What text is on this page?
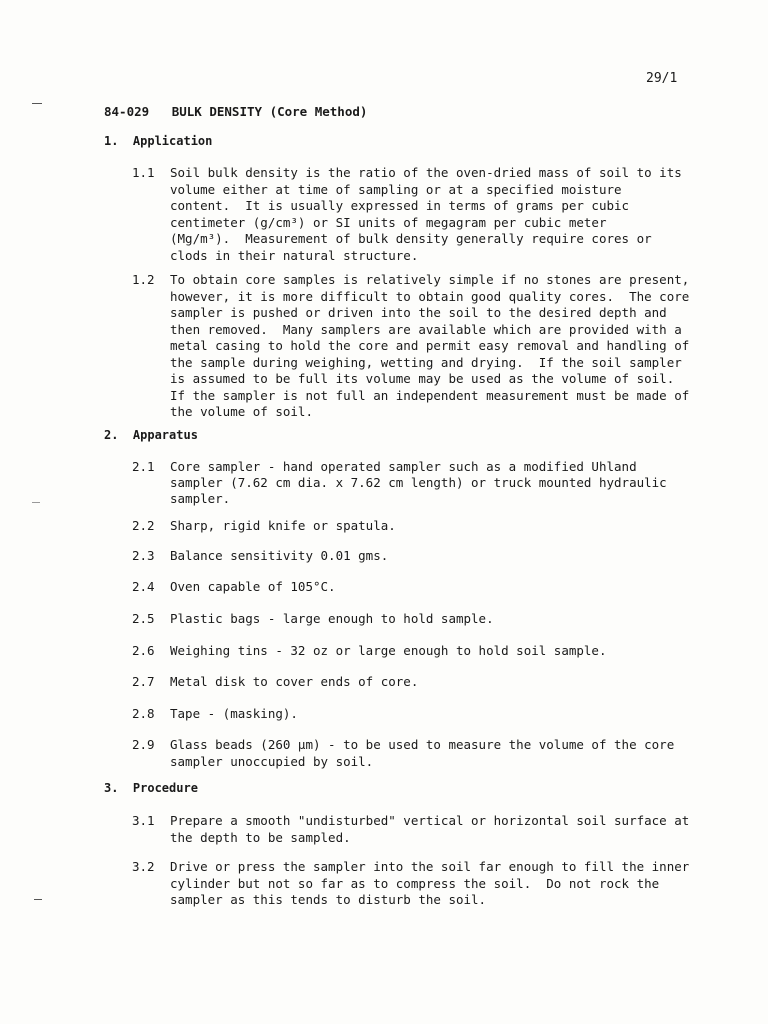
29/1
84-029   BULK DENSITY (Core Method)
1.  Application
1.1 Soil bulk density is the ratio of the oven-dried mass of soil to its
volume either at time of sampling or at a specified moisture
content.  It is usually expressed in terms of grams per cubic
centimeter (g/cm³) or SI units of megagram per cubic meter
(Mg/m³).  Measurement of bulk density generally require cores or
clods in their natural structure.
1.2 To obtain core samples is relatively simple if no stones are present,
however, it is more difficult to obtain good quality cores.  The core
sampler is pushed or driven into the soil to the desired depth and
then removed.  Many samplers are available which are provided with a
metal casing to hold the core and permit easy removal and handling of
the sample during weighing, wetting and drying.  If the soil sampler
is assumed to be full its volume may be used as the volume of soil.
If the sampler is not full an independent measurement must be made of
the volume of soil.
2.  Apparatus
2.1 Core sampler - hand operated sampler such as a modified Uhland
sampler (7.62 cm dia. x 7.62 cm length) or truck mounted hydraulic
sampler.
2.2 Sharp, rigid knife or spatula.
2.3 Balance sensitivity 0.01 gms.
2.4 Oven capable of 105°C.
2.5 Plastic bags - large enough to hold sample.
2.6 Weighing tins - 32 oz or large enough to hold soil sample.
2.7 Metal disk to cover ends of core.
2.8 Tape - (masking).
2.9 Glass beads (260 μm) - to be used to measure the volume of the core
sampler unoccupied by soil.
3.  Procedure
3.1 Prepare a smooth "undisturbed" vertical or horizontal soil surface at
the depth to be sampled.
3.2 Drive or press the sampler into the soil far enough to fill the inner
cylinder but not so far as to compress the soil.  Do not rock the
sampler as this tends to disturb the soil.
